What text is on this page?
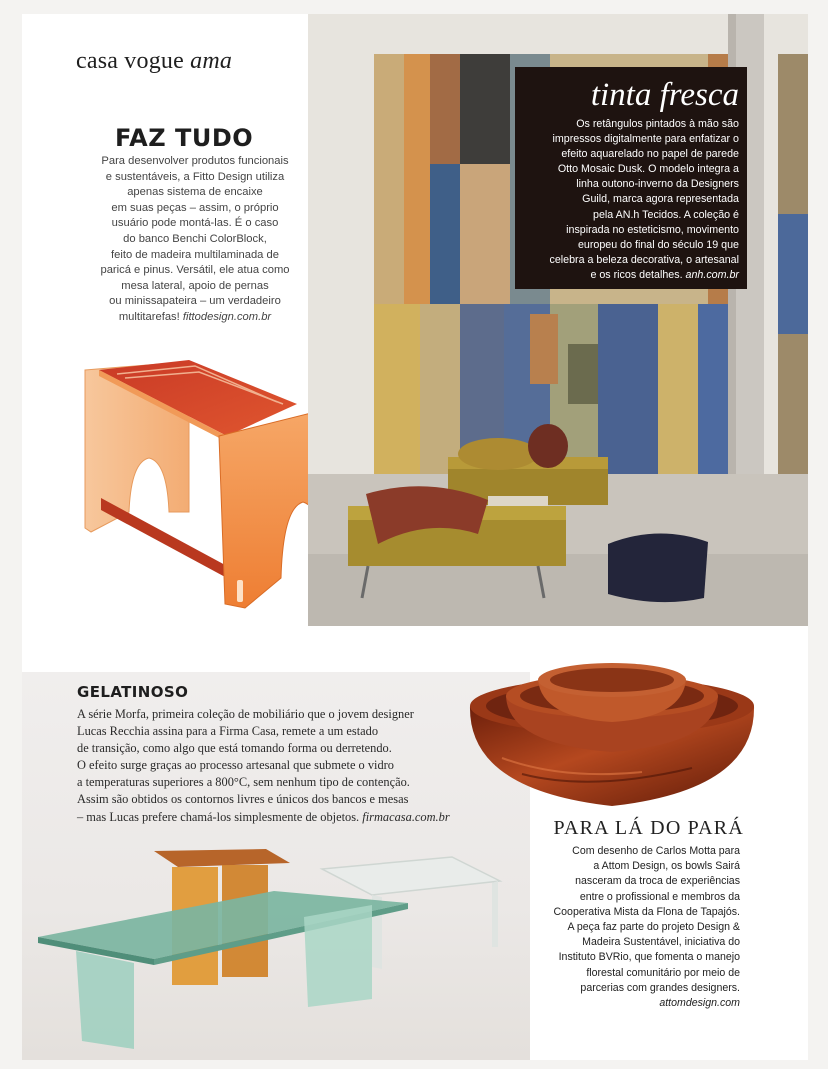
casa vogue ama
FAZ TUDO
Para desenvolver produtos funcionais
e sustentáveis, a Fitto Design utiliza
apenas sistema de encaixe
em suas peças – assim, o próprio
usuário pode montá-las. É o caso
do banco Benchi ColorBlock,
feito de madeira multilaminada de
paricá e pinus. Versátil, ele atua como
mesa lateral, apoio de pernas
ou minissapateira – um verdadeiro
multitarefas! fittodesign.com.br
tinta fresca
Os retângulos pintados à mão são
impressos digitalmente para enfatizar o
efeito aquarelado no papel de parede
Otto Mosaic Dusk. O modelo integra a
linha outono-inverno da Designers
Guild, marca agora representada
pela AN.h Tecidos. A coleção é
inspirada no esteticismo, movimento
europeu do final do século 19 que
celebra a beleza decorativa, o artesanal
e os ricos detalhes. anh.com.br
GELATINOSO
A série Morfa, primeira coleção de mobiliário que o jovem designer
Lucas Recchia assina para a Firma Casa, remete a um estado
de transição, como algo que está tomando forma ou derretendo.
O efeito surge graças ao processo artesanal que submete o vidro
a temperaturas superiores a 800°C, sem nenhum tipo de contenção.
Assim são obtidos os contornos livres e únicos dos bancos e mesas
– mas Lucas prefere chamá-los simplesmente de objetos. firmacasa.com.br
PARA LÁ DO PARÁ
Com desenho de Carlos Motta para
a Attom Design, os bowls Sairá
nasceram da troca de experiências
entre o profissional e membros da
Cooperativa Mista da Flona de Tapajós.
A peça faz parte do projeto Design &
Madeira Sustentável, iniciativa do
Instituto BVRio, que fomenta o manejo
florestal comunitário por meio de
parcerias com grandes designers.
attomdesign.com
